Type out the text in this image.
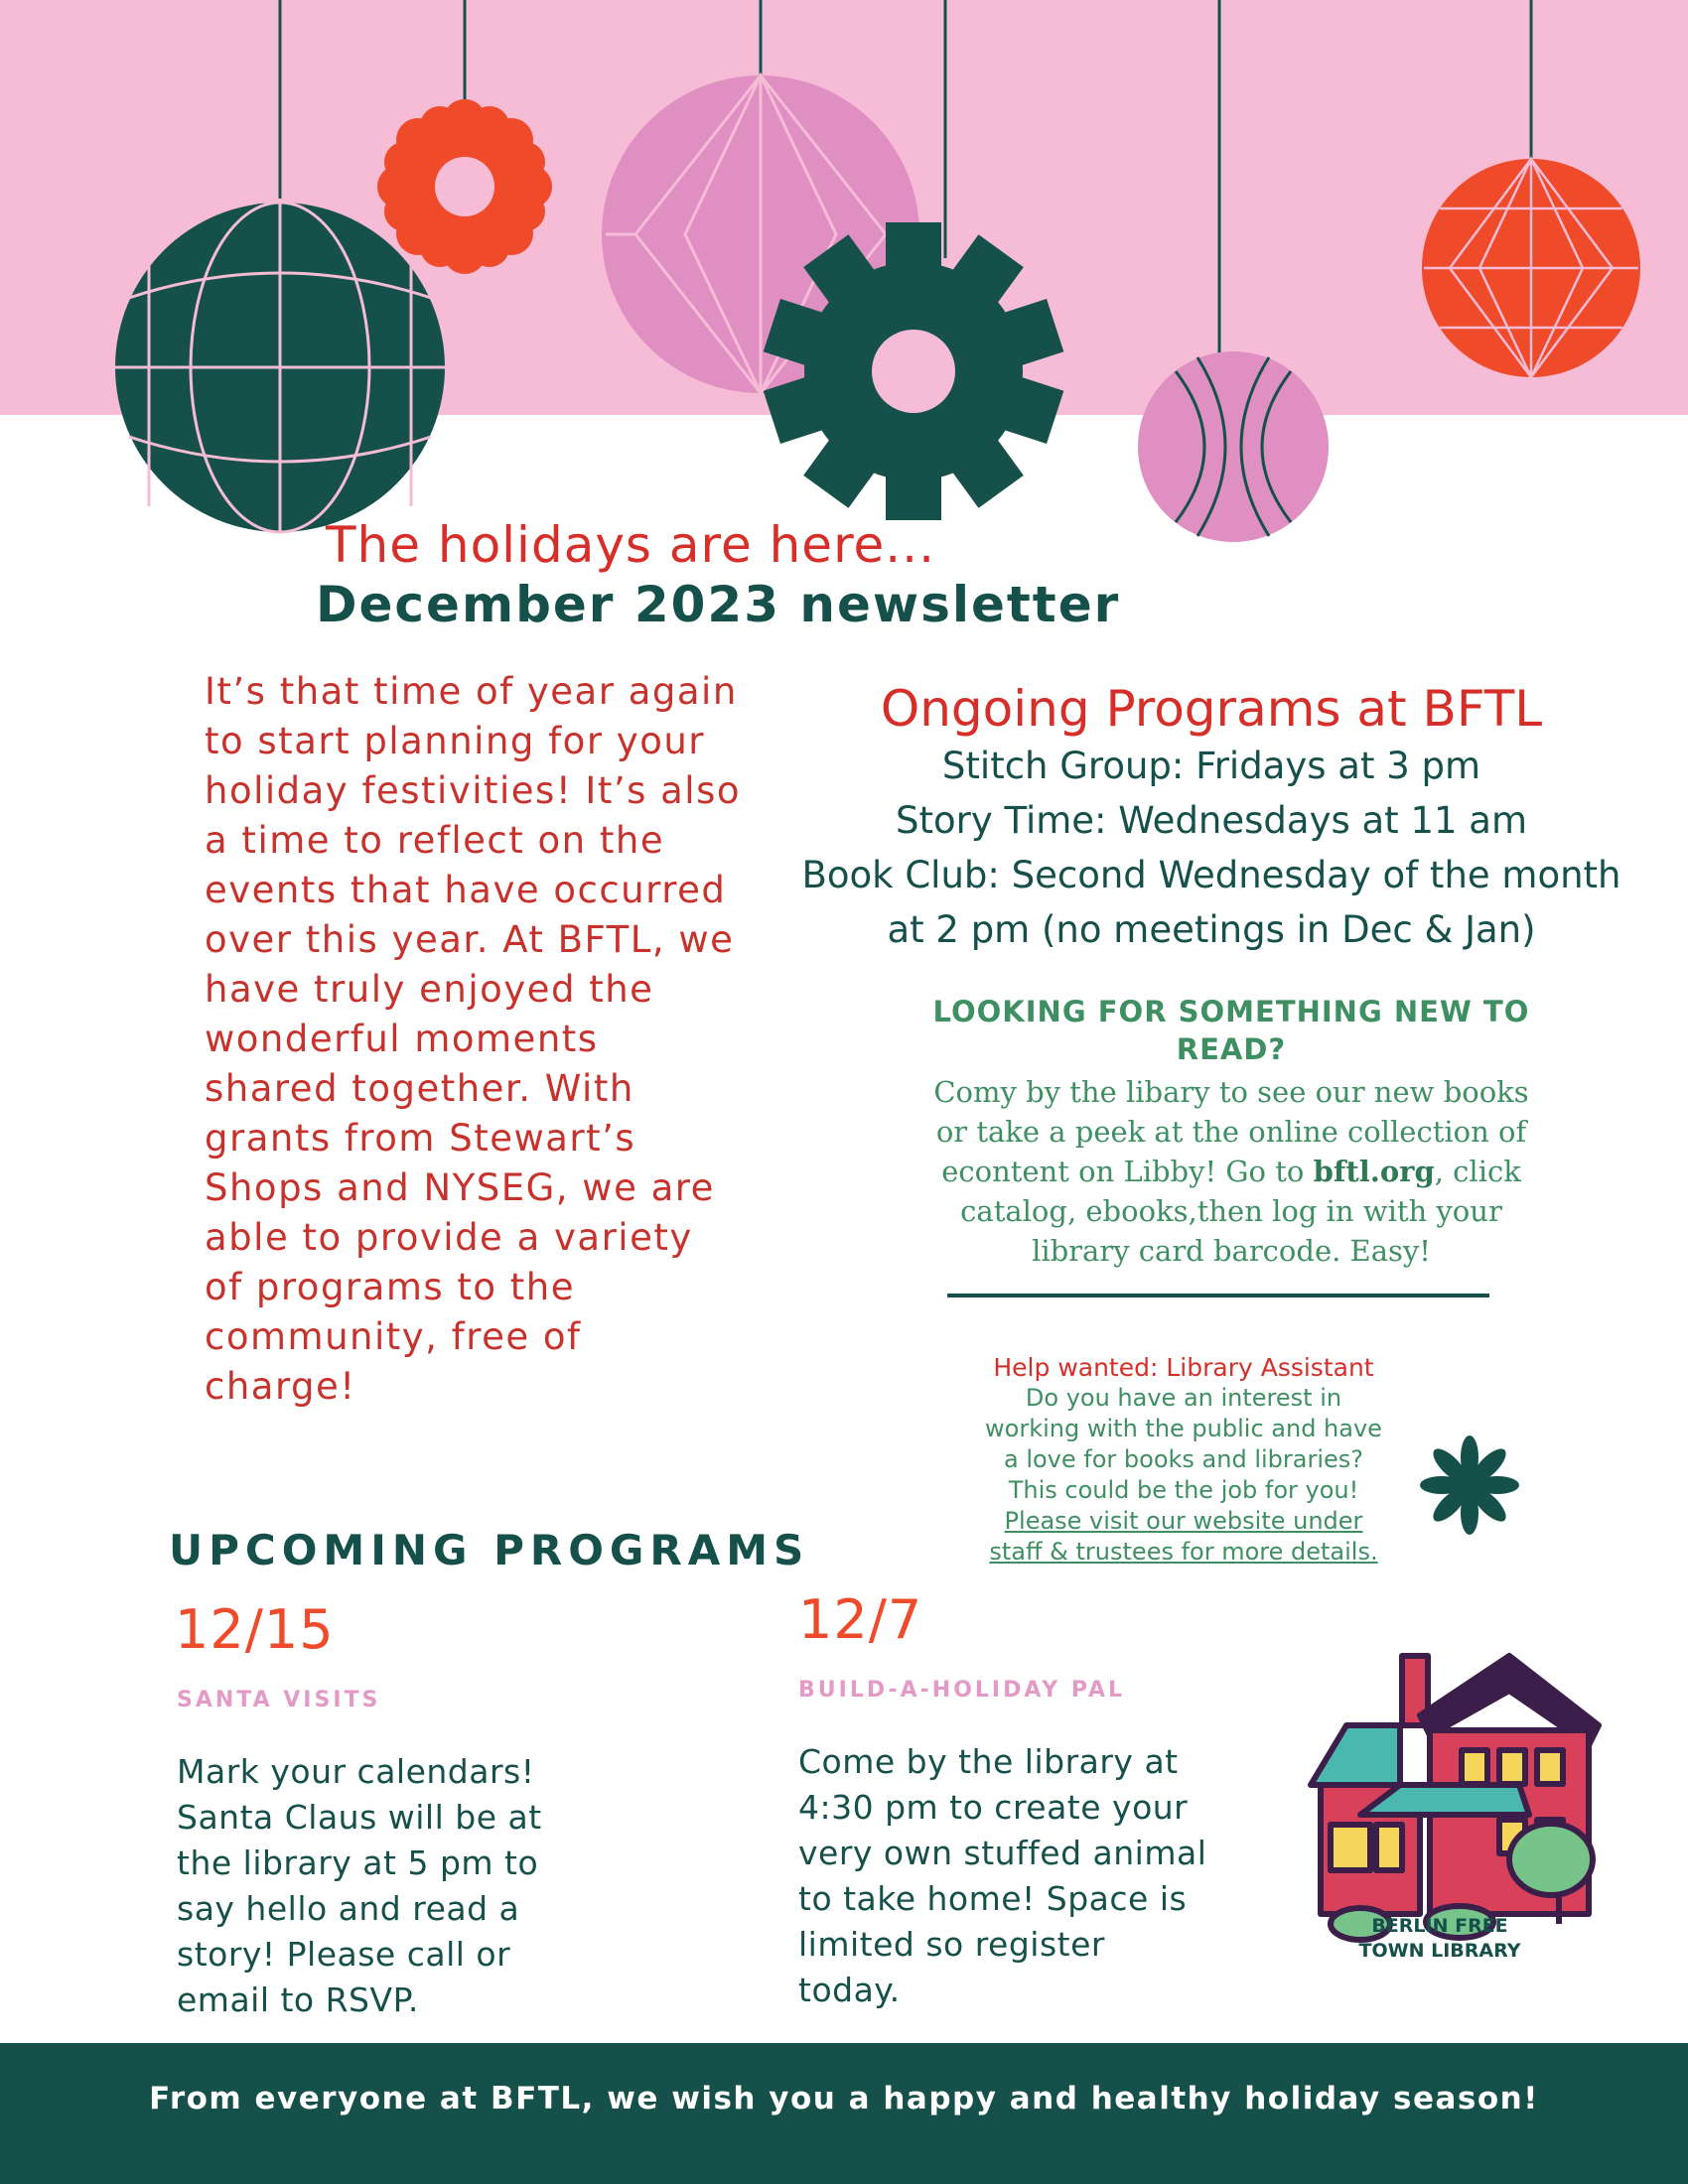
The holidays are here...
December 2023 newsletter
It’s that time of year again to start planning for your holiday festivities! It’s also a time to reflect on the events that have occurred over this year. At BFTL, we have truly enjoyed the wonderful moments shared together. With grants from Stewart’s Shops and NYSEG, we are able to provide a variety of programs to the community, free of charge!
Ongoing Programs at BFTL
Stitch Group: Fridays at 3 pm
Story Time: Wednesdays at 11 am
Book Club: Second Wednesday of the month
at 2 pm (no meetings in Dec & Jan)
LOOKING FOR SOMETHING NEW TO READ?
Comy by the libary to see our new books or take a peek at the online collection of econtent on Libby! Go to bftl.org, click catalog, ebooks,then log in with your library card barcode. Easy!
Help wanted: Library Assistant
Do you have an interest in working with the public and have a love for books and libraries?
This could be the job for you!
Please visit our website under staff & trustees for more details.
UPCOMING PROGRAMS
12/15
SANTA VISITS
Mark your calendars! Santa Claus will be at the library at 5 pm to say hello and read a story! Please call or email to RSVP.
12/7
BUILD-A-HOLIDAY PAL
Come by the library at 4:30 pm to create your very own stuffed animal to take home! Space is limited so register today.
BERLIN FREE
TOWN LIBRARY
From everyone at BFTL, we wish you a happy and healthy holiday season!
